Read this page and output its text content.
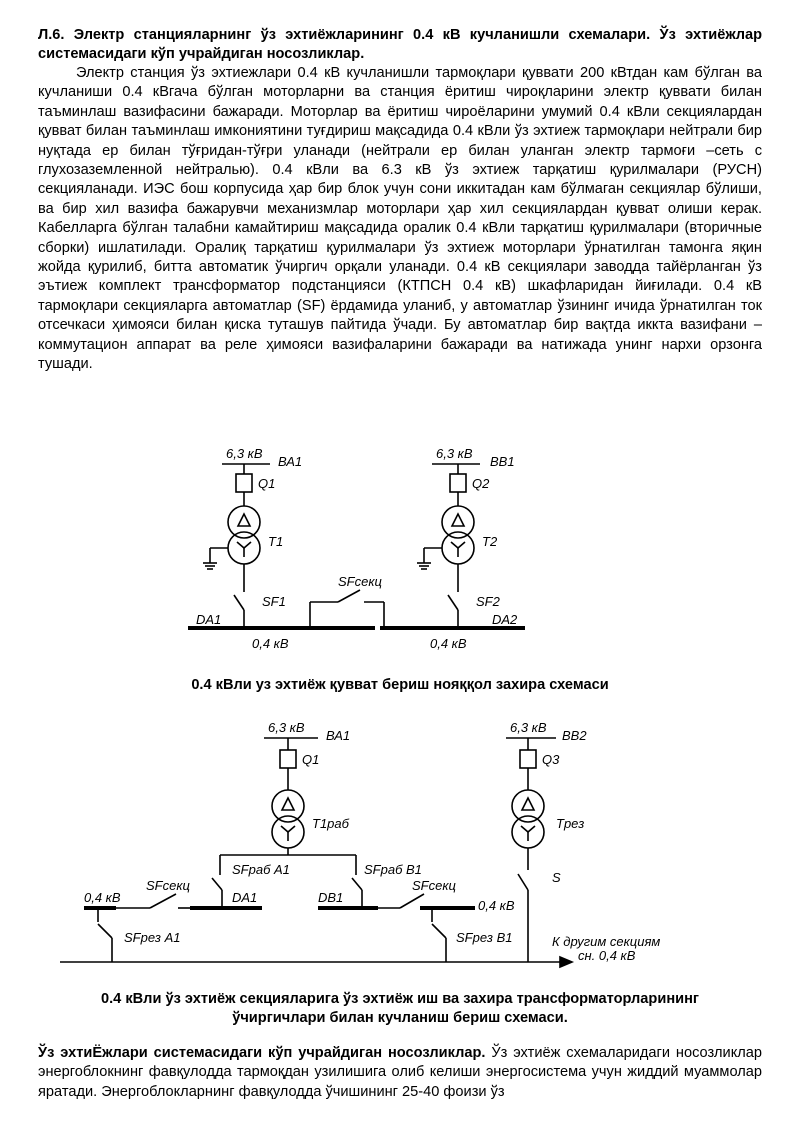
Л.6. Электр станцияларнинг ўз эхтиёжларининг 0.4 кВ кучланишли схемалари. Ўз эхтиёжлар системасидаги кўп учрайдиган носозликлар.

Электр станция ўз эхтиежлари 0.4 кВ кучланишли тармоқлари қуввати 200 кВтдан кам бўлган ва кучланиши 0.4 кВгача бўлган моторларни ва станция ёритиш чироқларини электр қуввати билан таъминлаш вазифасини бажаради. Моторлар ва ёритиш чироёларини умумий 0.4 кВли секциялардан қувват билан таъминлаш имкониятини туғдириш мақсадида 0.4 кВли ўз эхтиеж тармоқлари нейтрали бир нуқтада ер билан тўғридан-тўғри уланади (нейтрали ер билан уланган электр тармоғи –сеть с глухозаземленной нейтралью). 0.4 кВли ва 6.3 кВ ўз эхтиеж тарқатиш қурилмалари (РУСН) секцияланади. ИЭС бош корпусида ҳар бир блок учун сони иккитадан кам бўлмаган секциялар бўлиши, ва бир хил вазифа бажарувчи механизмлар моторлари ҳар хил секциялардан қувват олиши керак. Кабелларга бўлган талабни камайтириш мақсадида оралик 0.4 кВли тарқатиш қурилмалари (вторичные сборки) ишлатилади. Оралиқ тарқатиш қурилмалари ўз эхтиеж моторлари ўрнатилган тамонга яқин жойда қурилиб, битта автоматик ўчиргич орқали уланади. 0.4 кВ секциялари заводда тайёрланган ўз эътиеж комплект трансформатор подстанцияси (КТПСН 0.4 кВ) шкафларидан йиғилади. 0.4 кВ тармоқлари секцияларга автоматлар (SF) ёрдамида уланиб, у автоматлар ўзининг ичида ўрнатилган ток отсечкаси ҳимояси билан қиска туташув пайтида ўчади. Бу автоматлар бир вақтда иккта вазифани – коммутацион аппарат ва реле ҳимояси вазифаларини бажаради ва натижада унинг нархи орзонга тушади.

6,3 кВ
ВА1
Q1
T1
SF1
DA1
0,4 кВ
SFсекц
6,3 кВ
ВВ1
Q2
T2
SF2
DA2
0,4 кВ
0.4 кВли уз эхтиёж қувват бериш нояққол захира схемаси
6,3 кВ
ВА1
Q1
T1раб
6,3 кВ
ВВ2
Q3
Tрез
S
SFраб A1	SFраб B1
SFсекц	SFсекц
0,4 кВ	DA1	DB1
0,4 кВ
SFрез A1	SFрез B1	К другим секциям
сн. 0,4 кВ
0.4 кВли ўз эхтиёж секцияларига ўз эхтиёж иш ва захира трансформаторларининг
ўчиргичлари билан кучланиш бериш схемаси.

Ўз эхтиЁжлари системасидаги кўп учрайдиган носозликлар. Ўз эхтиёж схемаларидаги носозликлар энергоблокнинг фавқулодда тармоқдан узилишига олиб келиши энергосистема учун жиддий муаммолар яратади. Энергоблокларнинг фавқулодда ўчишининг 25-40 фоизи ўз
